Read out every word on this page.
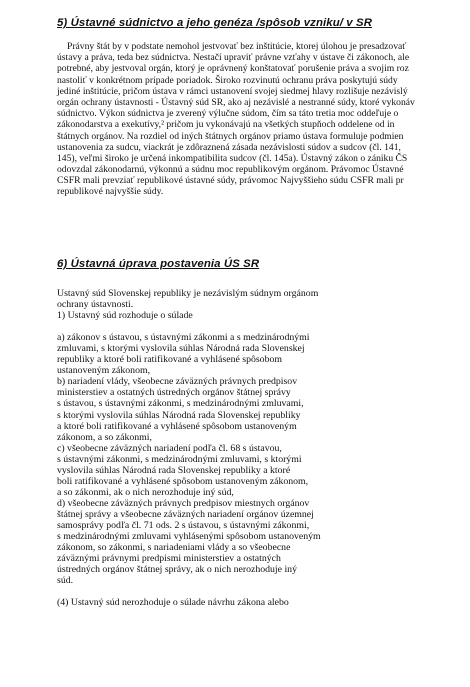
5) Ústavné súdnictvo a jeho genéza /spôsob vzniku/ v SR
Právny štát by v podstate nemohol jestvovať bez inštitúcie, ktorej úlohou je presadzovať
ústavy a práva, teda bez súdnictva. Nestačí upraviť právne vzťahy v ústave či zákonoch, ale
potrebné, aby jestvoval orgán, ktorý je oprávnený konštatovať porušenie práva a svojim roz
nastoliť v konkrétnom prípade poriadok. Široko rozvinutú ochranu práva poskytujú súdy
jediné inštitúcie, pričom ústava v rámci ustanovení svojej siedmej hlavy rozlišuje nezávislý
orgán ochrany ústavnosti - Ústavný súd SR, ako aj nezávislé a nestranné súdy, ktoré vykonáv
súdnictvo. Výkon súdnictva je zverený výlučne súdom, čím sa táto tretia moc oddeľuje o
zákonodarstva a exekutívy,² pričom ju vykonávajú na všetkých stupňoch oddelene od in
štátnych orgánov. Na rozdiel od iných štátnych orgánov priamo ústava formuluje podmien
ustanovenia za sudcu, viackrát je zdôraznená zásada nezávislosti súdov a sudcov (čl. 141,
145), veľmi široko je určená inkompatibilita sudcov (čl. 145a). Ústavný zákon o zániku ČS
odovzdal zákonodarnú, výkonnú a súdnu moc republikovým orgánom. Právomoc Ústavné
CSFR mali prevziať republikové ústavné súdy, právomoc Najvyššieho súdu CSFR mali pr
republikové najvyššie súdy.
6) Ústavná úprava postavenia ÚS SR
Ustavný súd Slovenskej republiky je nezávislým súdnym orgánom
ochrany ústavnosti.
1) Ustavný súd rozhoduje o súlade
a) zákonov s ústavou, s ústavnými zákonmi a s medzinárodnými
zmluvami, s ktorými vyslovila súhlas Národná rada Slovenskej
republiky a ktoré boli ratifikované a vyhlásené spôsobom
ustanoveným zákonom,
b) nariadení vlády, všeobecne záväzných právnych predpisov
ministerstiev a ostatných ústredných orgánov štátnej správy
s ústavou, s ústavnými zákonmi, s medzinárodnými zmluvami,
s ktorými vyslovila súhlas Národná rada Slovenskej republiky
a ktoré boli ratifikované a vyhlásené spôsobom ustanoveným
zákonom, a so zákonmi,
c) všeobecne záväzných nariadení podľa čl. 68 s ústavou,
s ústavnými zákonmi, s medzinárodnými zmluvami, s ktorými
vyslovila súhlas Národná rada Slovenskej republiky a ktoré
boli ratifikované a vyhlásené spôsobom ustanoveným zákonom,
a so zákonmi, ak o nich nerozhoduje iný súd,
d) všeobecne záväzných právnych predpisov miestnych orgánov
štátnej správy a všeobecne záväzných nariadení orgánov územnej
samosprávy podľa čl. 71 ods. 2 s ústavou, s ústavnými zákonmi,
s medzinárodnými zmluvami vyhlásenými spôsobom ustanoveným
zákonom, so zákonmi, s nariadeniami vlády a so všeobecne
záväznými právnymi predpismi ministerstiev a ostatných
ústredných orgánov štátnej správy, ak o nich nerozhoduje iný
súd.
(4) Ustavný súd nerozhoduje o súlade návrhu zákona alebo
